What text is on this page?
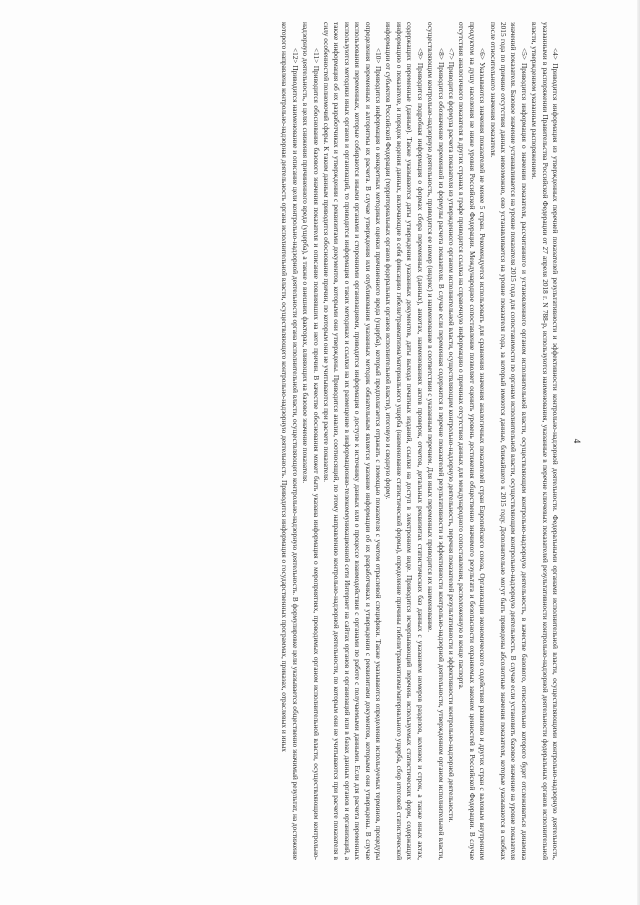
4

<4> Приводится информация из утвержденных перечней показателей результативности и эффективности контрольно-надзорной деятельности. Федеральными органами исполнительной власти, осуществляющими контрольно-надзорную деятельность, указанными в распоряжении Правительства Российской Федерации от 27 апреля 2018 г. N 788-р, используются наименования, указанные в перечне ключевых показателей результативности контрольно-надзорной деятельности федеральных органов исполнительной власти, утвержденном указанным распоряжением.

<5> Приводится информация о значении показателя, рассчитанного и установленного органом исполнительной власти, осуществляющим контрольно-надзорную деятельность, в качестве базового, относительно которого будет отслеживаться динамика значений показателя. Базовое значение устанавливается на уровне показателя 2015 года для сопоставимости по органам исполнительной власти, осуществляющим контрольно-надзорную деятельность. В случае если установить базовое значение на уровне показателя 2015 года по причине отсутствия данных невозможно, оно устанавливается на уровне показателя года, за который имеются данные, ближайшего к 2015 году. Дополнительно могут быть приведены абсолютные значения показателя, которые указываются в скобках после относительного значения показателя.

<6> Указываются значения показателей не менее 5 стран. Рекомендуется использовать для сравнения значения аналогичных показателей стран Европейского союза, Организации экономического содействия развитию и других стран с валовым внутренним продуктом на душу населения не ниже уровня Российской Федерации. Международное сопоставление позволяет оценить уровень достижения общественно значимого результата и безопасности охраняемых законом ценностей в Российской Федерации. В случае отсутствия аналогичного показателя в других странах в графе приводится ссылка на справочную информацию о причинах отсутствия данных для международного сопоставления, расположенную в конце паспорта.

<7> Приводится формула расчета показателя из утвержденного органом исполнительной власти, осуществляющим контрольно-надзорную деятельность, перечня показателей результативности и эффективности контрольно-надзорной деятельности.

<8> Приводится обозначение переменной из формулы расчета показателя. В случае если переменная содержится в перечне показателей результативности и эффективности контрольно-надзорной деятельности, утвержденном органом исполнительной власти, осуществляющим контрольно-надзорную деятельность, приводится ее номер (индекс) и наименование в соответствии с указанным перечнем. Для иных переменных приводится их наименование.

<9> Приводится подробная информация о формах сбора переменных (данных), анкетах, наименованиях актов проверок, отчетов, детальных реквизитах статистических баз данных с указанием номеров разделов, колонок и строк, а также иных актах, содержащих переменные (данные). Также указываются даты утверждения указанных документов, даты выхода печатных изданий, ссылки на доступ в электронном виде. Приводится исчерпывающий перечень используемых статистических форм, содержащих информацию о показателе, и порядок ведения данных, включающие в себя фиксацию гибели/травматизма/материального ущерба (наименование статистической формы), определение причины гибели/травматизма/материального ущерба, сбор итоговой статистической информации от субъектов Российской Федерации (территориальных органов федеральных органов исполнительной власти), итоговую и сводную форму.

<10> Приводится информация о конкретных методиках оценки причиненного вреда (ущерба), который предполагается отражать с помощью показателя с учетом отраслевой специфики. Также указываются определения используемых терминов, процедуры определения переменных и алгоритмы их расчета. В случае утверждения или опубликования указанных методик обязательным является указание информации об их разработчиках и утверждении с реквизитами документов, которыми они утверждены. В случае использования переменных, которые собираются иными органами и сторонними организациями, приводится информация о доступе к источнику данных или о процессе взаимодействия с органами по работе с получаемыми данными. Если для расчета переменных используются методики иных органов и организаций, то приводится информация о таких методиках и ссылки на их размещение в информационно-телекоммуникационной сети Интернет на сайтах органов и организаций или в базах данных органов и организаций, а также информация об их разработчиках и утверждении с реквизитами документов, которыми они утверждены. Приводится анализ, соотносящий, по этому направлению контрольно-надзорной деятельности, по которым они не учитываются при расчете показателя в силу особенностей полномочий сферы. К таким данным приводится обоснование причин, по которым они не учитываются при расчете показателя.

<11> Приводится обоснование базового значения показателя и описание повлиявших на него причин. В качестве обоснования может быть указана информация о мероприятиях, проводимых органом исполнительной власти, осуществляющим контрольно-надзорную деятельность, в целях снижения причиненного вреда (ущерба), а также о внешних факторах, влияющих на базовое значение показателя.

<12> Приводится наименование и описание цели контрольно-надзорной деятельности органа исполнительной власти, осуществляющего контрольно-надзорную деятельность. В формулировке цели указывается общественно значимый результат, на достижение которого направлена контрольно-надзорная деятельность органа исполнительной власти, осуществляющего контрольно-надзорную деятельность. Приводится информация о государственных программах, приказах, отраслевых и иных
